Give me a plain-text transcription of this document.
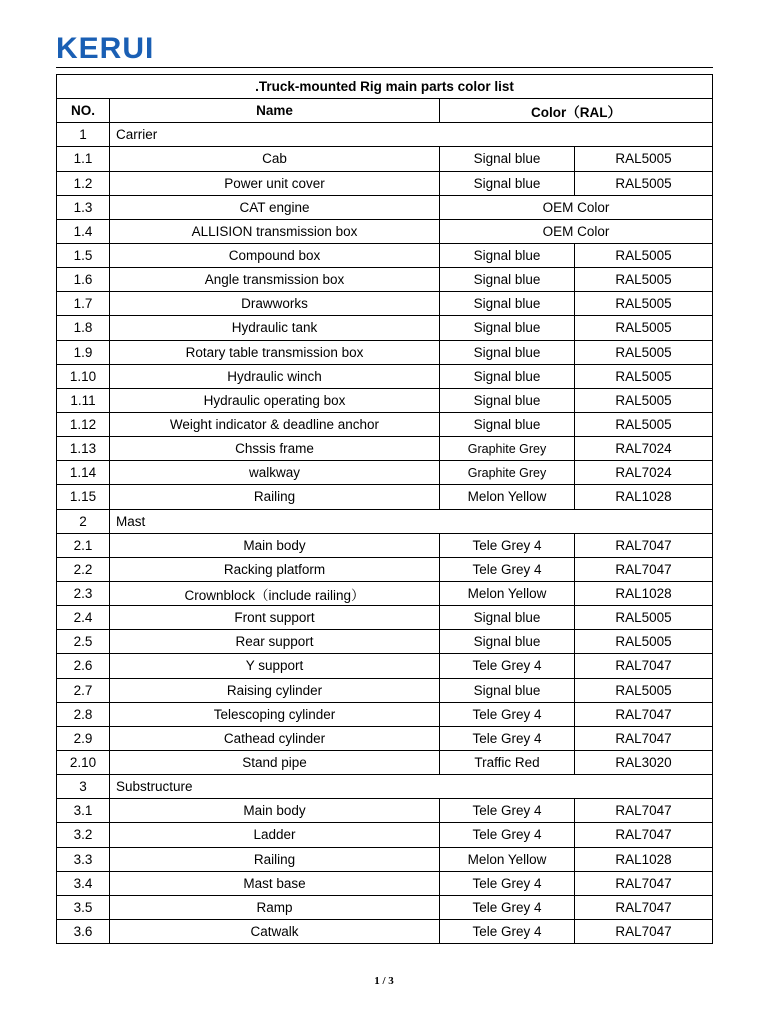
KERUI
.Truck-mounted Rig main parts color list			
NO.	Name	Color（RAL）	
1	Carrier		
1.1	Cab	Signal blue	RAL5005
1.2	Power unit cover	Signal blue	RAL5005
1.3	CAT engine	OEM Color	
1.4	ALLISION transmission box	OEM Color	
1.5	Compound box	Signal blue	RAL5005
1.6	Angle transmission box	Signal blue	RAL5005
1.7	Drawworks	Signal blue	RAL5005
1.8	Hydraulic tank	Signal blue	RAL5005
1.9	Rotary table transmission box	Signal blue	RAL5005
1.10	Hydraulic winch	Signal blue	RAL5005
1.11	Hydraulic operating box	Signal blue	RAL5005
1.12	Weight indicator & deadline anchor	Signal blue	RAL5005
1.13	Chssis frame	Graphite Grey	RAL7024
1.14	walkway	Graphite Grey	RAL7024
1.15	Railing	Melon Yellow	RAL1028
2	Mast		
2.1	Main body	Tele Grey 4	RAL7047
2.2	Racking platform	Tele Grey 4	RAL7047
2.3	Crownblock（include railing）	Melon Yellow	RAL1028
2.4	Front support	Signal blue	RAL5005
2.5	Rear support	Signal blue	RAL5005
2.6	Y support	Tele Grey 4	RAL7047
2.7	Raising cylinder	Signal blue	RAL5005
2.8	Telescoping cylinder	Tele Grey 4	RAL7047
2.9	Cathead cylinder	Tele Grey 4	RAL7047
2.10	Stand pipe	Traffic Red	RAL3020
3	Substructure		
3.1	Main body	Tele Grey 4	RAL7047
3.2	Ladder	Tele Grey 4	RAL7047
3.3	Railing	Melon Yellow	RAL1028
3.4	Mast base	Tele Grey 4	RAL7047
3.5	Ramp	Tele Grey 4	RAL7047
3.6	Catwalk	Tele Grey 4	RAL7047
1 / 3
